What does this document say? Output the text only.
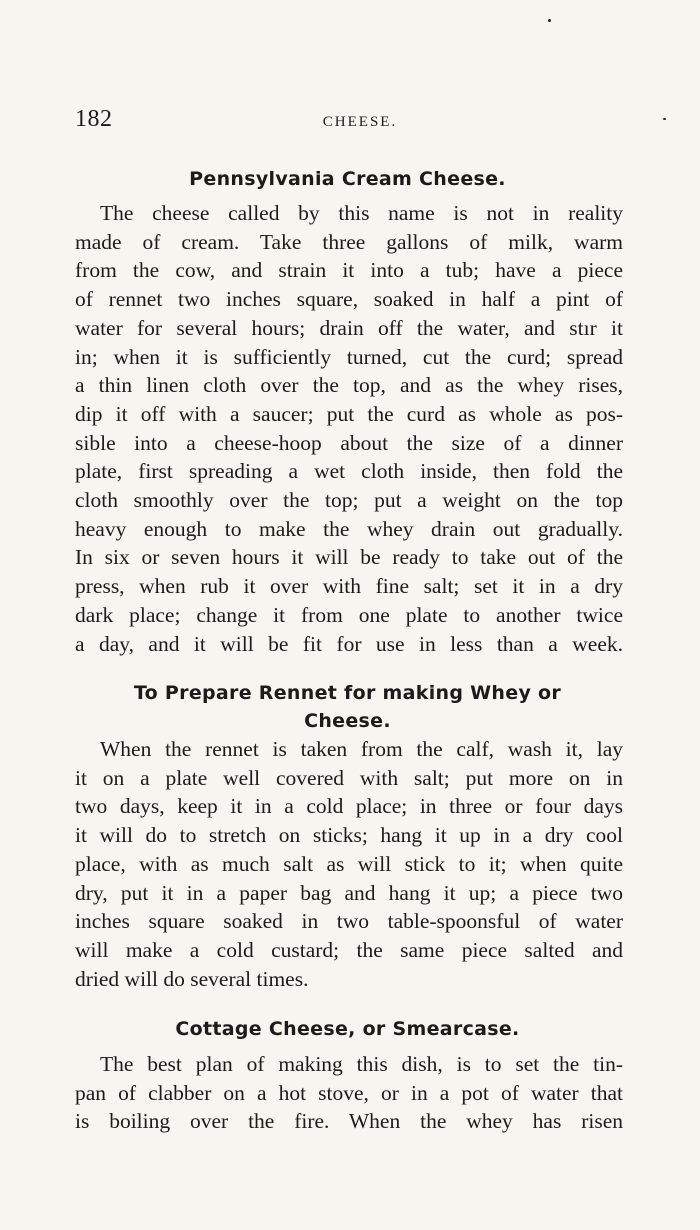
182	CHEESE.
Pennsylvania Cream Cheese.
The cheese called by this name is not in reality
made of cream. Take three gallons of milk, warm
from the cow, and strain it into a tub; have a piece
of rennet two inches square, soaked in half a pint of
water for several hours; drain off the water, and stır it
in; when it is sufficiently turned, cut the curd; spread
a thin linen cloth over the top, and as the whey rises,
dip it off with a saucer; put the curd as whole as pos-
sible into a cheese-hoop about the size of a dinner
plate, first spreading a wet cloth inside, then fold the
cloth smoothly over the top; put a weight on the top
heavy enough to make the whey drain out gradually.
In six or seven hours it will be ready to take out of the
press, when rub it over with fine salt; set it in a dry
dark place; change it from one plate to another twice
a day, and it will be fit for use in less than a week.
To Prepare Rennet for making Whey or
Cheese.
When the rennet is taken from the calf, wash it, lay
it on a plate well covered with salt; put more on in
two days, keep it in a cold place; in three or four days
it will do to stretch on sticks; hang it up in a dry cool
place, with as much salt as will stick to it; when quite
dry, put it in a paper bag and hang it up; a piece two
inches square soaked in two table-spoonsful of water
will make a cold custard; the same piece salted and
dried will do several times.
Cottage Cheese, or Smearcase.
The best plan of making this dish, is to set the tin-
pan of clabber on a hot stove, or in a pot of water that
is boiling over the fire. When the whey has risen
